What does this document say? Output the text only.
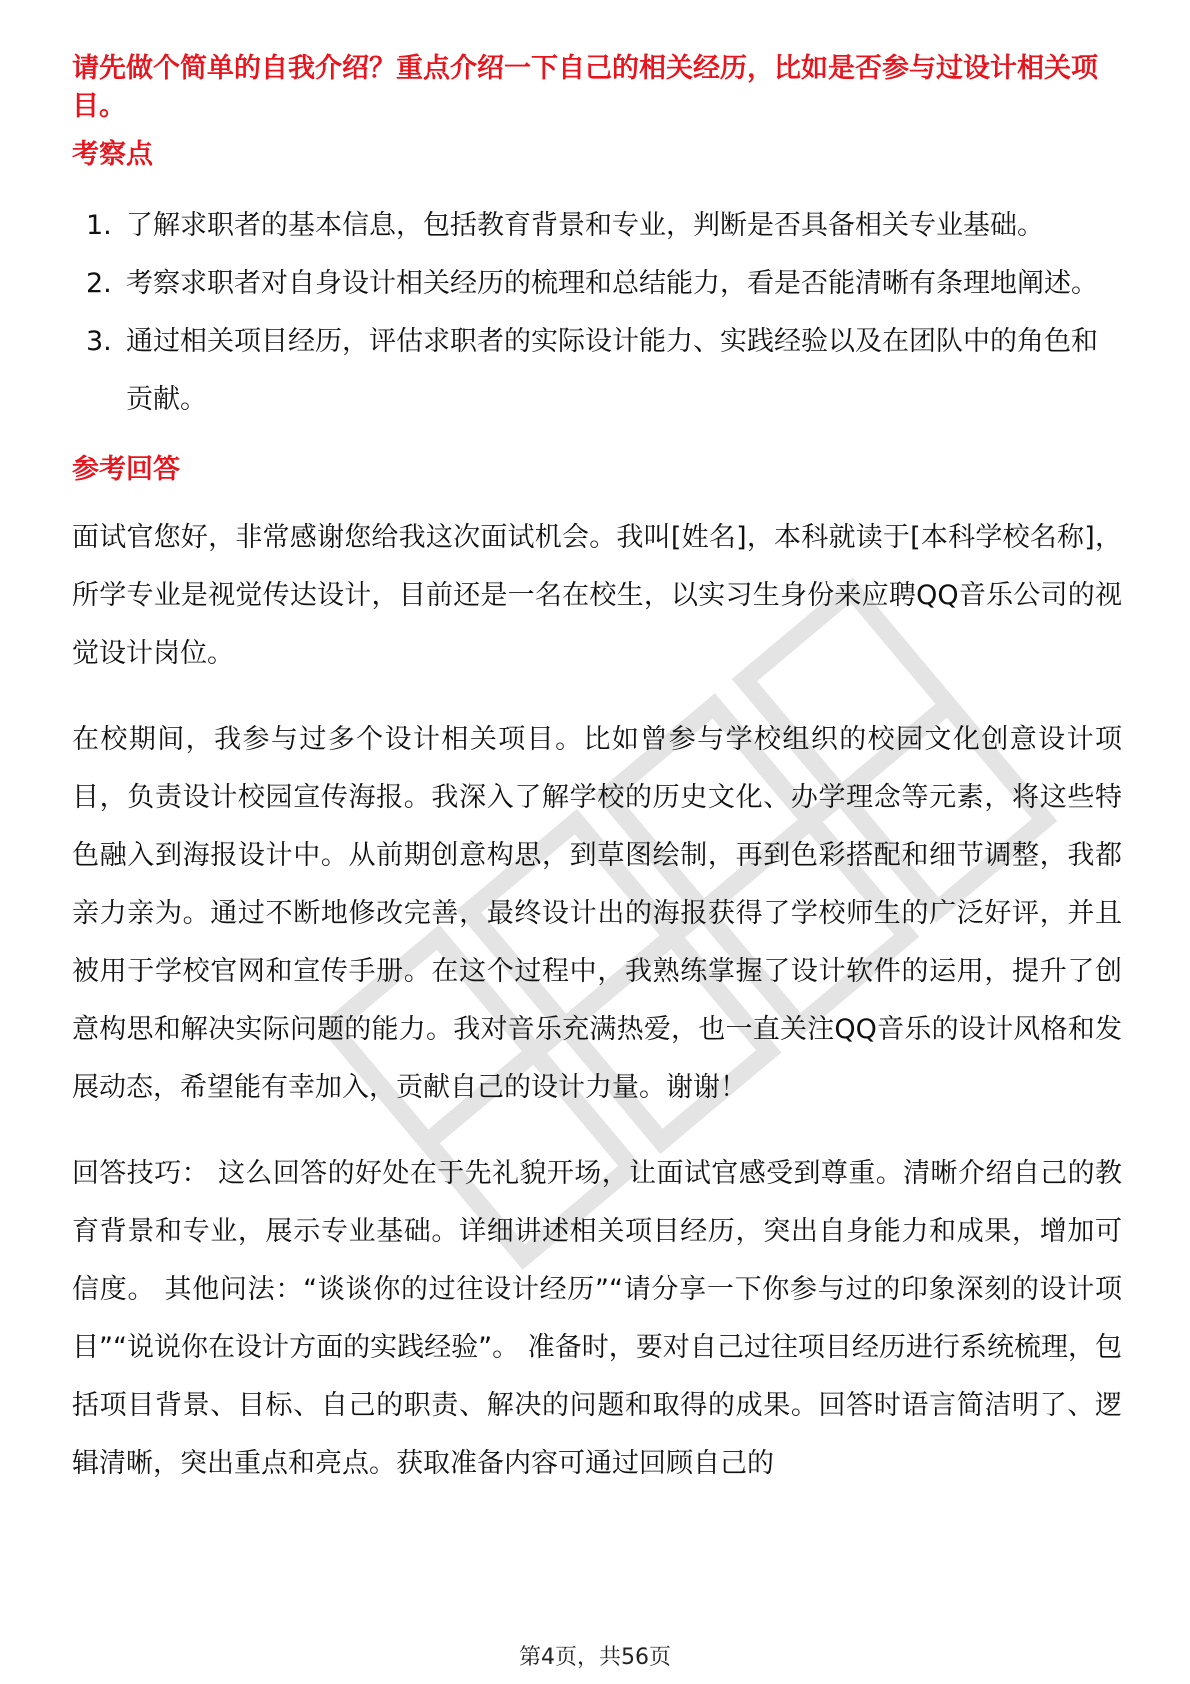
请先做个简单的自我介绍？重点介绍一下自己的相关经历，比如是否参与过设计相关项目。

考察点

1. 了解求职者的基本信息，包括教育背景和专业，判断是否具备相关专业基础。
2. 考察求职者对自身设计相关经历的梳理和总结能力，看是否能清晰有条理地阐述。
3. 通过相关项目经历，评估求职者的实际设计能力、实践经验以及在团队中的角色和贡献。

参考回答

面试官您好，非常感谢您给我这次面试机会。我叫[姓名]，本科就读于[本科学校名称]，所学专业是视觉传达设计，目前还是一名在校生，以实习生身份来应聘QQ音乐公司的视觉设计岗位。

在校期间，我参与过多个设计相关项目。比如曾参与学校组织的校园文化创意设计项目，负责设计校园宣传海报。我深入了解学校的历史文化、办学理念等元素，将这些特色融入到海报设计中。从前期创意构思，到草图绘制，再到色彩搭配和细节调整，我都亲力亲为。通过不断地修改完善，最终设计出的海报获得了学校师生的广泛好评，并且被用于学校官网和宣传手册。在这个过程中，我熟练掌握了设计软件的运用，提升了创意构思和解决实际问题的能力。我对音乐充满热爱，也一直关注QQ音乐的设计风格和发展动态，希望能有幸加入，贡献自己的设计力量。谢谢！

回答技巧： 这么回答的好处在于先礼貌开场，让面试官感受到尊重。清晰介绍自己的教育背景和专业，展示专业基础。详细讲述相关项目经历，突出自身能力和成果，增加可信度。 其他问法：“谈谈你的过往设计经历”“请分享一下你参与过的印象深刻的设计项目”“说说你在设计方面的实践经验”。 准备时，要对自己过往项目经历进行系统梳理，包括项目背景、目标、自己的职责、解决的问题和取得的成果。回答时语言简洁明了、逻辑清晰，突出重点和亮点。获取准备内容可通过回顾自己的

第4页，共56页
